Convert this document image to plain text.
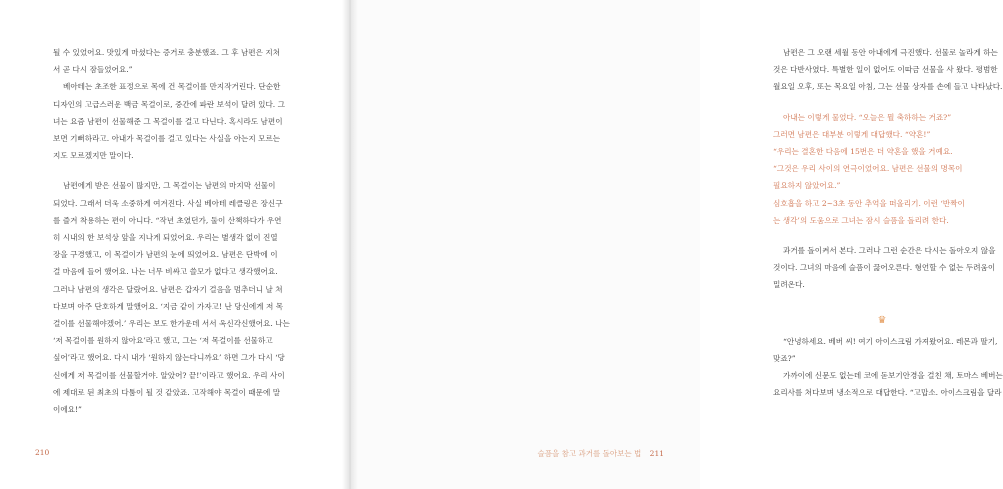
될 수 있었어요. 맛있게 마셨다는 증거로 충분했죠. 그 후 남편은 지쳐
서 곧 다시 잠들었어요.”
베아테는 초조한 표정으로 목에 건 목걸이를 만지작거린다. 단순한
디자인의 고급스러운 백금 목걸이로, 중간에 파란 보석이 달려 있다. 그
녀는 요즘 남편이 선물해준 그 목걸이를 걸고 다닌다. 혹시라도 남편이
보면 기뻐하라고. 아내가 목걸이를 걸고 있다는 사실을 아는지 모르는
지도 모르겠지만 말이다.
남편에게 받은 선물이 많지만, 그 목걸이는 남편의 마지막 선물이
되었다. 그래서 더욱 소중하게 여겨진다. 사실 베아테 레클링은 장신구
를 즐겨 착용하는 편이 아니다. “작년 초였던가, 둘이 산책하다가 우연
히 시내의 한 보석상 앞을 지나게 되었어요. 우리는 별생각 없이 진열
장을 구경했고, 이 목걸이가 남편의 눈에 띄었어요. 남편은 단박에 이
걸 마음에 들어 했어요. 나는 너무 비싸고 쓸모가 없다고 생각했어요.
그러나 남편의 생각은 달랐어요. 남편은 갑자기 걸음을 멈추더니 날 쳐
다보며 아주 단호하게 말했어요. ‘지금 같이 가자고! 난 당신에게 저 목
걸이를 선물해야겠어.’ 우리는 보도 한가운데 서서 옥신각신했어요. 나는
‘저 목걸이를 원하지 않아요’라고 했고, 그는 ‘저 목걸이를 선물하고
싶어’라고 했어요. 다시 내가 ‘원하지 않는다니까요’ 하면 그가 다시 ‘당
신에게 저 목걸이를 선물할거야. 알았어? 끝!’이라고 했어요. 우리 사이
에 제대로 된 최초의 다툼이 될 것 같았죠. 고작해야 목걸이 때문에 말
이에요!”
210
남편은 그 오랜 세월 동안 아내에게 극진했다. 선물로 놀라게 하는
것은 다반사였다. 특별한 일이 없어도 이따금 선물을 사 왔다. 평범한
월요일 오후, 또는 목요일 아침, 그는 선물 상자를 손에 들고 나타났다.
아내는 이렇게 물었다. “오늘은 뭘 축하하는 거죠?”
그러면 남편은 대부분 이렇게 대답했다. “약혼!”
“우리는 결혼한 다음에 15번은 더 약혼을 했을 거예요.
“그것은 우리 사이의 연극이었어요. 남편은 선물의 명목이
필요하지 않았어요.”
심호흡을 하고 2~3초 동안 추억을 떠올리기. 이런 ‘반짝이
는 생각’의 도움으로 그녀는 잠시 슬픔을 돌리려 한다.
과거를 돌이켜서 본다. 그러나 그런 순간은 다시는 돌아오지 않을
것이다. 그녀의 마음에 슬픔이 끓어오른다. 형언할 수 없는 두려움이
밀려온다.
♛
“안녕하세요. 베버 씨! 여기 아이스크림 가져왔어요. 레몬과 딸기,
맞죠?”
가까이에 신문도 없는데 코에 돋보기안경을 걸친 채, 토마스 베버는
요리사를 쳐다보며 냉소적으로 대답한다. “고맙소. 아이스크림을 달라
슬픔을 참고 과거를 돌아보는 법 211
